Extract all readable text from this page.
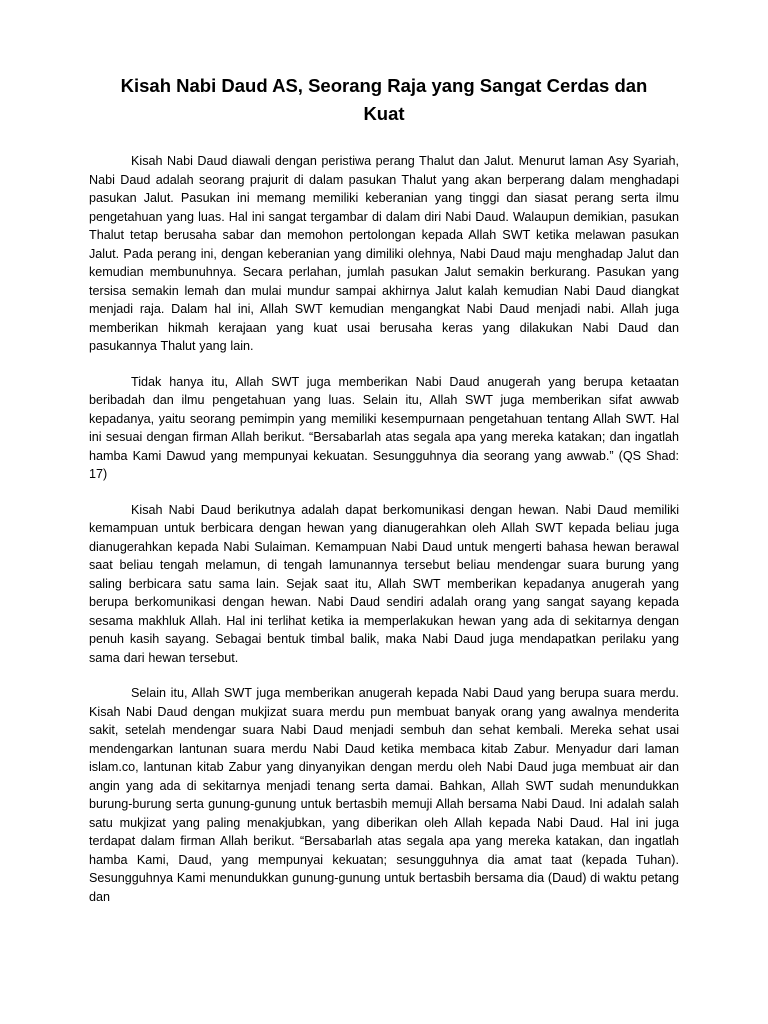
Kisah Nabi Daud AS, Seorang Raja yang Sangat Cerdas dan Kuat

Kisah Nabi Daud diawali dengan peristiwa perang Thalut dan Jalut. Menurut laman Asy Syariah, Nabi Daud adalah seorang prajurit di dalam pasukan Thalut yang akan berperang dalam menghadapi pasukan Jalut. Pasukan ini memang memiliki keberanian yang tinggi dan siasat perang serta ilmu pengetahuan yang luas. Hal ini sangat tergambar di dalam diri Nabi Daud. Walaupun demikian, pasukan Thalut tetap berusaha sabar dan memohon pertolongan kepada Allah SWT ketika melawan pasukan Jalut. Pada perang ini, dengan keberanian yang dimiliki olehnya, Nabi Daud maju menghadap Jalut dan kemudian membunuhnya. Secara perlahan, jumlah pasukan Jalut semakin berkurang. Pasukan yang tersisa semakin lemah dan mulai mundur sampai akhirnya Jalut kalah kemudian Nabi Daud diangkat menjadi raja. Dalam hal ini, Allah SWT kemudian mengangkat Nabi Daud menjadi nabi. Allah juga memberikan hikmah kerajaan yang kuat usai berusaha keras yang dilakukan Nabi Daud dan pasukannya Thalut yang lain.

Tidak hanya itu, Allah SWT juga memberikan Nabi Daud anugerah yang berupa ketaatan beribadah dan ilmu pengetahuan yang luas. Selain itu, Allah SWT juga memberikan sifat awwab kepadanya, yaitu seorang pemimpin yang memiliki kesempurnaan pengetahuan tentang Allah SWT. Hal ini sesuai dengan firman Allah berikut. “Bersabarlah atas segala apa yang mereka katakan; dan ingatlah hamba Kami Dawud yang mempunyai kekuatan. Sesungguhnya dia seorang yang awwab.” (QS Shad: 17)

Kisah Nabi Daud berikutnya adalah dapat berkomunikasi dengan hewan. Nabi Daud memiliki kemampuan untuk berbicara dengan hewan yang dianugerahkan oleh Allah SWT kepada beliau juga dianugerahkan kepada Nabi Sulaiman. Kemampuan Nabi Daud untuk mengerti bahasa hewan berawal saat beliau tengah melamun, di tengah lamunannya tersebut beliau mendengar suara burung yang saling berbicara satu sama lain. Sejak saat itu, Allah SWT memberikan kepadanya anugerah yang berupa berkomunikasi dengan hewan. Nabi Daud sendiri adalah orang yang sangat sayang kepada sesama makhluk Allah. Hal ini terlihat ketika ia memperlakukan hewan yang ada di sekitarnya dengan penuh kasih sayang. Sebagai bentuk timbal balik, maka Nabi Daud juga mendapatkan perilaku yang sama dari hewan tersebut.

Selain itu, Allah SWT juga memberikan anugerah kepada Nabi Daud yang berupa suara merdu. Kisah Nabi Daud dengan mukjizat suara merdu pun membuat banyak orang yang awalnya menderita sakit, setelah mendengar suara Nabi Daud menjadi sembuh dan sehat kembali. Mereka sehat usai mendengarkan lantunan suara merdu Nabi Daud ketika membaca kitab Zabur. Menyadur dari laman islam.co, lantunan kitab Zabur yang dinyanyikan dengan merdu oleh Nabi Daud juga membuat air dan angin yang ada di sekitarnya menjadi tenang serta damai. Bahkan, Allah SWT sudah menundukkan burung-burung serta gunung-gunung untuk bertasbih memuji Allah bersama Nabi Daud. Ini adalah salah satu mukjizat yang paling menakjubkan, yang diberikan oleh Allah kepada Nabi Daud. Hal ini juga terdapat dalam firman Allah berikut. “Bersabarlah atas segala apa yang mereka katakan, dan ingatlah hamba Kami, Daud, yang mempunyai kekuatan; sesungguhnya dia amat taat (kepada Tuhan). Sesungguhnya Kami menundukkan gunung-gunung untuk bertasbih bersama dia (Daud) di waktu petang dan
